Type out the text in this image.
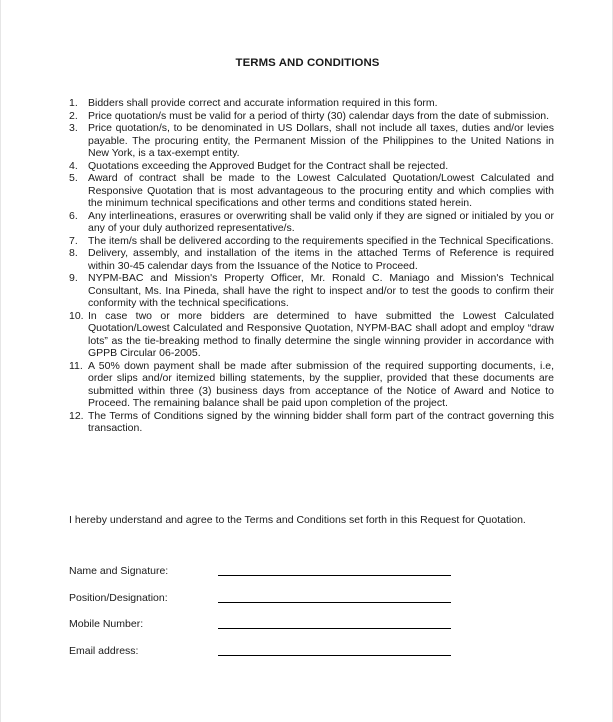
TERMS AND CONDITIONS
1. Bidders shall provide correct and accurate information required in this form.
2. Price quotation/s must be valid for a period of thirty (30) calendar days from the date of submission.
3. Price quotation/s, to be denominated in US Dollars, shall not include all taxes, duties and/or levies payable. The procuring entity, the Permanent Mission of the Philippines to the United Nations in New York, is a tax-exempt entity.
4. Quotations exceeding the Approved Budget for the Contract shall be rejected.
5. Award of contract shall be made to the Lowest Calculated Quotation/Lowest Calculated and Responsive Quotation that is most advantageous to the procuring entity and which complies with the minimum technical specifications and other terms and conditions stated herein.
6. Any interlineations, erasures or overwriting shall be valid only if they are signed or initialed by you or any of your duly authorized representative/s.
7. The item/s shall be delivered according to the requirements specified in the Technical Specifications.
8. Delivery, assembly, and installation of the items in the attached Terms of Reference is required within 30-45 calendar days from the Issuance of the Notice to Proceed.
9. NYPM-BAC and Mission's Property Officer, Mr. Ronald C. Maniago and Mission's Technical Consultant, Ms. Ina Pineda, shall have the right to inspect and/or to test the goods to confirm their conformity with the technical specifications.
10. In case two or more bidders are determined to have submitted the Lowest Calculated Quotation/Lowest Calculated and Responsive Quotation, NYPM-BAC shall adopt and employ “draw lots” as the tie-breaking method to finally determine the single winning provider in accordance with GPPB Circular 06-2005.
11. A 50% down payment shall be made after submission of the required supporting documents, i.e, order slips and/or itemized billing statements, by the supplier, provided that these documents are submitted within three (3) business days from acceptance of the Notice of Award and Notice to Proceed. The remaining balance shall be paid upon completion of the project.
12. The Terms of Conditions signed by the winning bidder shall form part of the contract governing this transaction.
I hereby understand and agree to the Terms and Conditions set forth in this Request for Quotation.
Name and Signature:
Position/Designation:
Mobile Number:
Email address:
